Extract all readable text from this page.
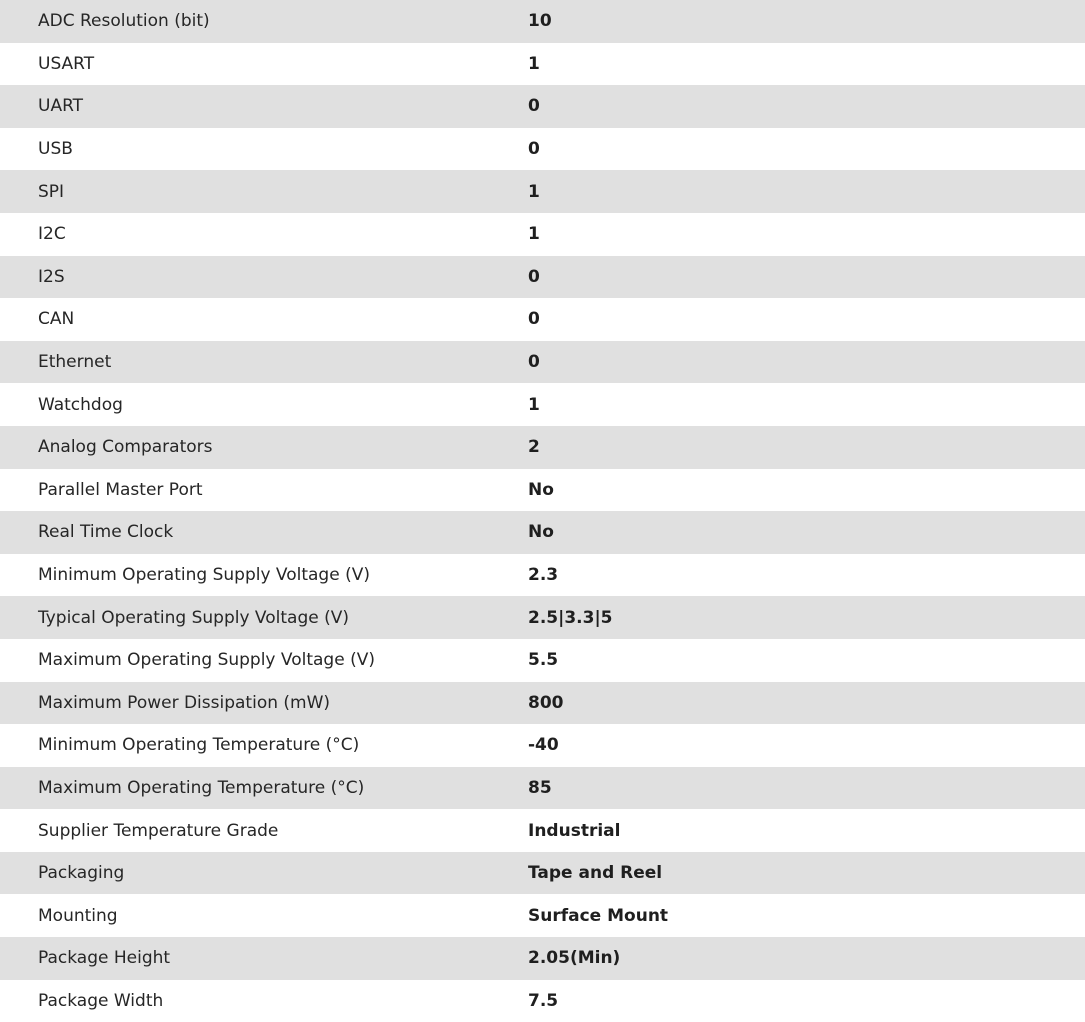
ADC Resolution (bit)	10
USART	1
UART	0
USB	0
SPI	1
I2C	1
I2S	0
CAN	0
Ethernet	0
Watchdog	1
Analog Comparators	2
Parallel Master Port	No
Real Time Clock	No
Minimum Operating Supply Voltage (V)	2.3
Typical Operating Supply Voltage (V)	2.5|3.3|5
Maximum Operating Supply Voltage (V)	5.5
Maximum Power Dissipation (mW)	800
Minimum Operating Temperature (°C)	-40
Maximum Operating Temperature (°C)	85
Supplier Temperature Grade	Industrial
Packaging	Tape and Reel
Mounting	Surface Mount
Package Height	2.05(Min)
Package Width	7.5
